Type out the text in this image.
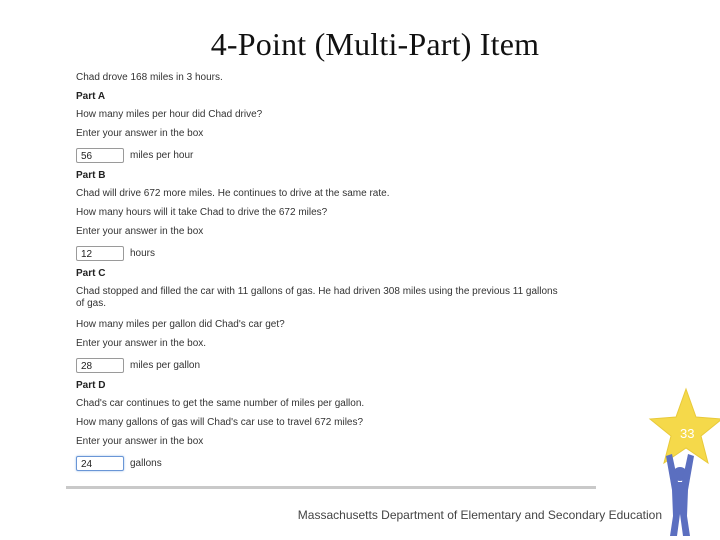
4-Point (Multi-Part) Item
Chad drove 168 miles in 3 hours.
Part A
How many miles per hour did Chad drive?
Enter your answer in the box
56	miles per hour
Part B
Chad will drive 672 more miles. He continues to drive at the same rate.
How many hours will it take Chad to drive the 672 miles?
Enter your answer in the box
12	hours
Part C
Chad stopped and filled the car with 11 gallons of gas. He had driven 308 miles using the previous 11 gallons of gas.
How many miles per gallon did Chad's car get?
Enter your answer in the box.
28	miles per gallon
Part D
Chad's car continues to get the same number of miles per gallon.
How many gallons of gas will Chad's car use to travel 672 miles?
Enter your answer in the box
24	gallons
33
Massachusetts Department of Elementary and Secondary Education
